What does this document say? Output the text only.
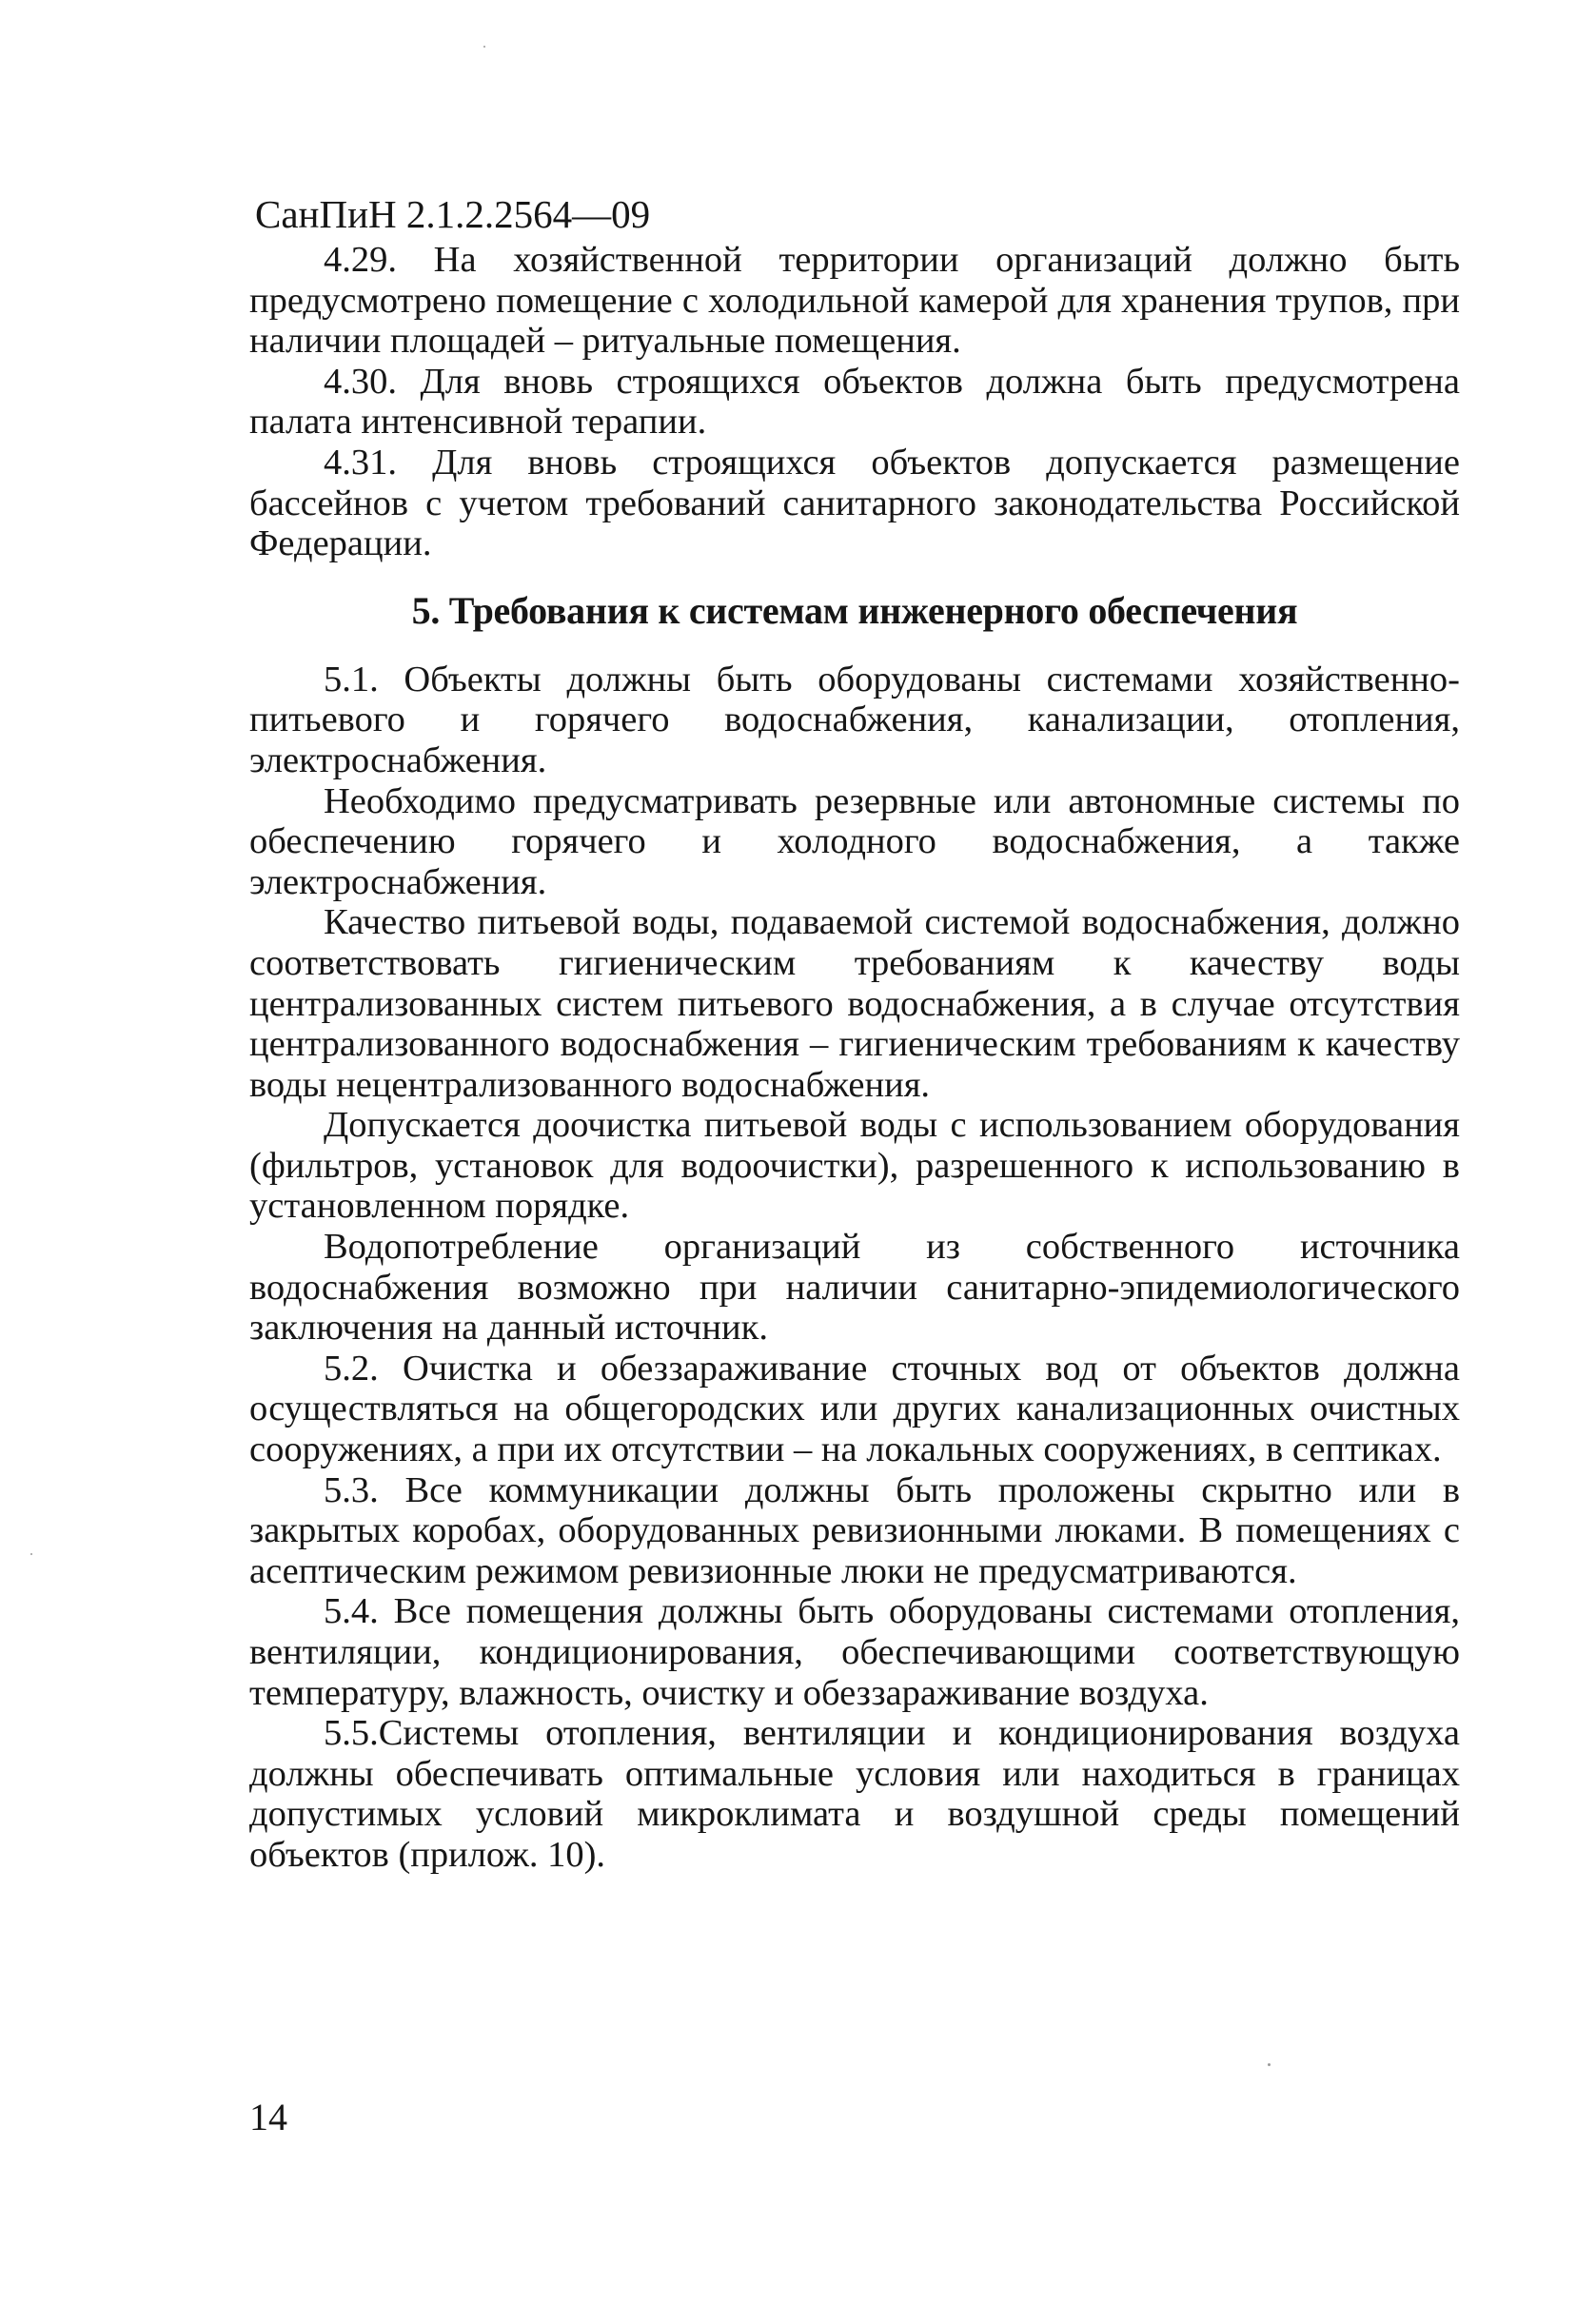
СанПиН 2.1.2.2564—09

4.29. На хозяйственной территории организаций должно быть предусмотрено помещение с холодильной камерой для хранения трупов, при наличии площадей – ритуальные помещения.

4.30. Для вновь строящихся объектов должна быть предусмотрена палата интенсивной терапии.

4.31. Для вновь строящихся объектов допускается размещение бассейнов с учетом требований санитарного законодательства Российской Федерации.

5. Требования к системам инженерного обеспечения

5.1. Объекты должны быть оборудованы системами хозяйственно-питьевого и горячего водоснабжения, канализации, отопления, электроснабжения.

Необходимо предусматривать резервные или автономные системы по обеспечению горячего и холодного водоснабжения, а также электроснабжения.

Качество питьевой воды, подаваемой системой водоснабжения, должно соответствовать гигиеническим требованиям к качеству воды централизованных систем питьевого водоснабжения, а в случае отсутствия централизованного водоснабжения – гигиеническим требованиям к качеству воды нецентрализованного водоснабжения.

Допускается доочистка питьевой воды с использованием оборудования (фильтров, установок для водоочистки), разрешенного к использованию в установленном порядке.

Водопотребление организаций из собственного источника водоснабжения возможно при наличии санитарно-эпидемиологического заключения на данный источник.

5.2. Очистка и обеззараживание сточных вод от объектов должна осуществляться на общегородских или других канализационных очистных сооружениях, а при их отсутствии – на локальных сооружениях, в септиках.

5.3. Все коммуникации должны быть проложены скрытно или в закрытых коробах, оборудованных ревизионными люками. В помещениях с асептическим режимом ревизионные люки не предусматриваются.

5.4. Все помещения должны быть оборудованы системами отопления, вентиляции, кондиционирования, обеспечивающими соответствующую температуру, влажность, очистку и обеззараживание воздуха.

5.5.Системы отопления, вентиляции и кондиционирования воздуха должны обеспечивать оптимальные условия или находиться в границах допустимых условий микроклимата и воздушной среды помещений объектов (прилож. 10).

14
